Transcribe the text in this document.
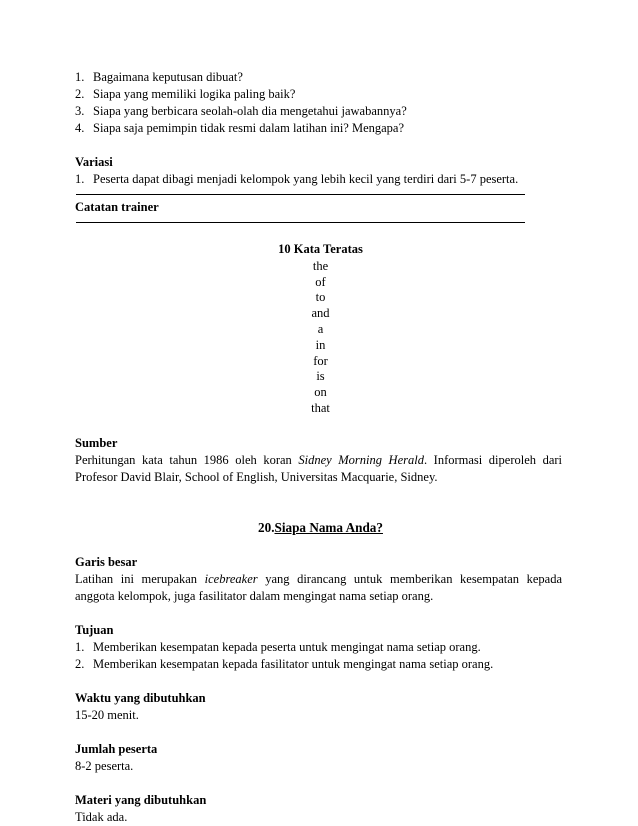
1. Bagaimana keputusan dibuat?
2. Siapa yang memiliki logika paling baik?
3. Siapa yang berbicara seolah-olah dia mengetahui jawabannya?
4. Siapa saja pemimpin tidak resmi dalam latihan ini? Mengapa?
Variasi
1. Peserta dapat dibagi menjadi kelompok yang lebih kecil yang terdiri dari 5-7 peserta.
Catatan trainer
10 Kata Teratas
the
of
to
and
a
in
for
is
on
that
Sumber
Perhitungan kata tahun 1986 oleh koran Sidney Morning Herald. Informasi diperoleh dari
Profesor David Blair, School of English, Universitas Macquarie, Sidney.
20.Siapa Nama Anda?
Garis besar
Latihan ini merupakan icebreaker yang dirancang untuk memberikan kesempatan kepada
anggota kelompok, juga fasilitator dalam mengingat nama setiap orang.
Tujuan
1. Memberikan kesempatan kepada peserta untuk mengingat nama setiap orang.
2. Memberikan kesempatan kepada fasilitator untuk mengingat nama setiap orang.
Waktu yang dibutuhkan
15-20 menit.
Jumlah peserta
8-2 peserta.
Materi yang dibutuhkan
Tidak ada.
